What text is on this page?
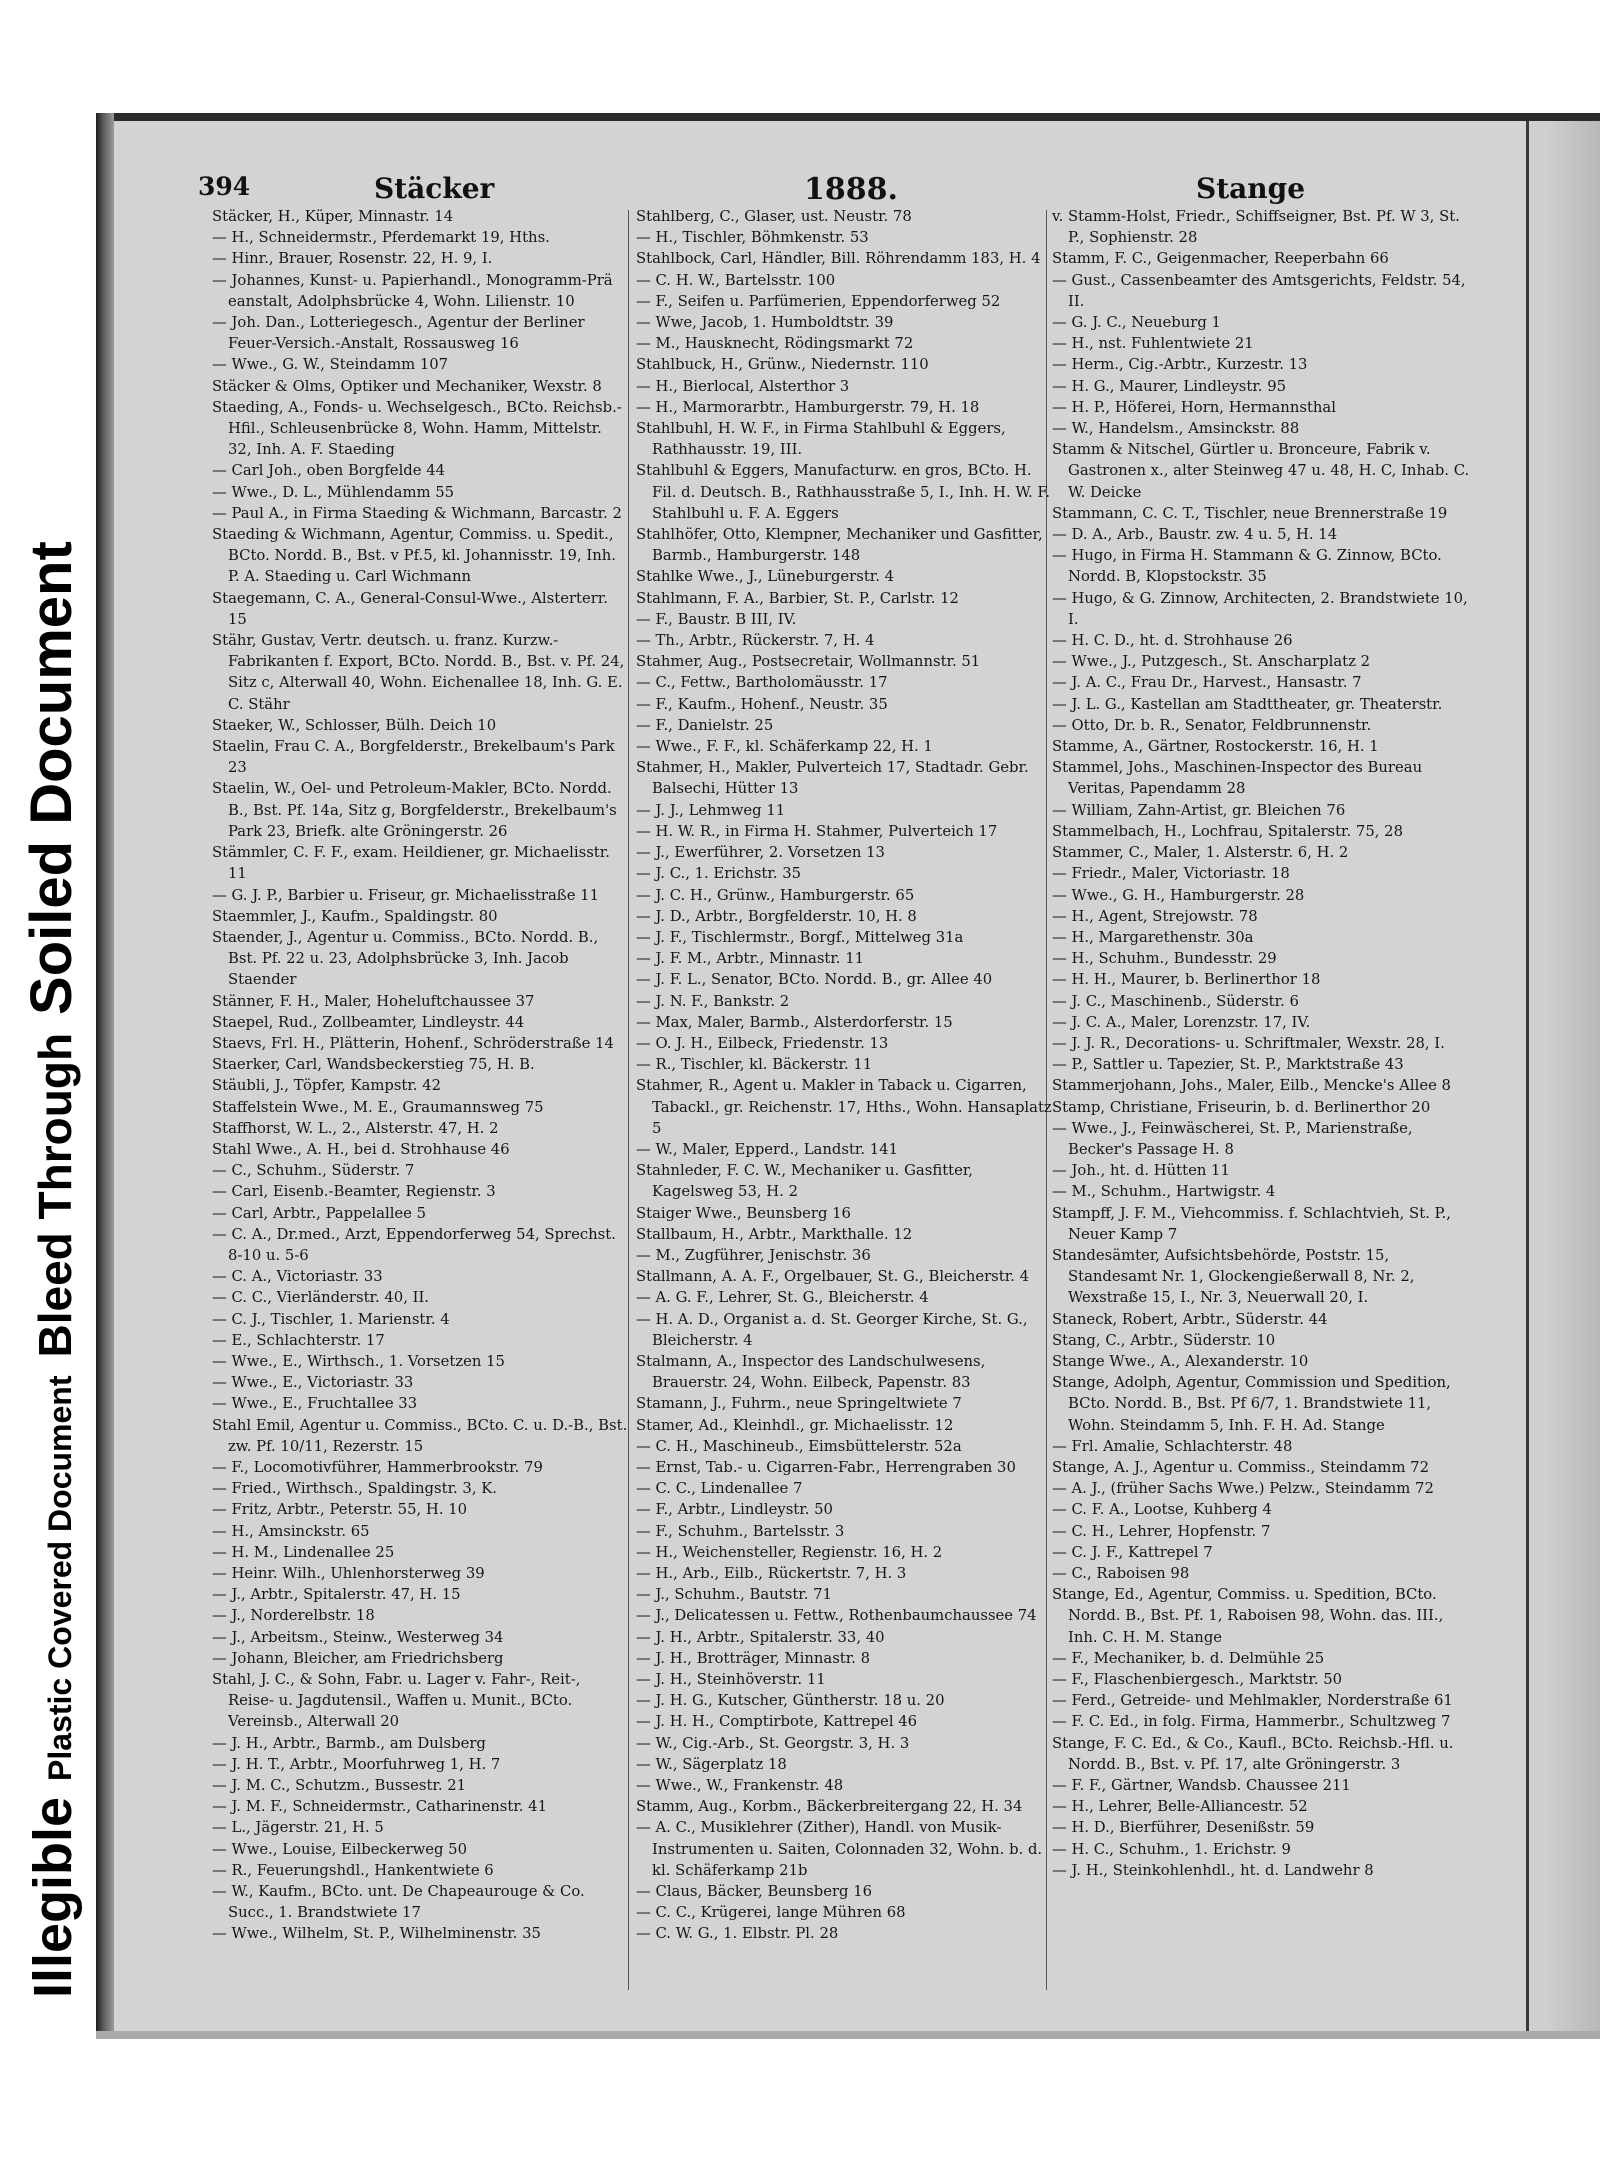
IllegiblePlastic Covered DocumentBleed ThroughSoiled Document
394	Stäcker	1888.	Stange

Stäcker, H., Küper, Minnastr. 14

— H., Schneidermstr., Pferdemarkt 19, Hths.

— Hinr., Brauer, Rosenstr. 22, H. 9, I.

— Johannes, Kunst- u. Papierhandl., Monogramm-Prä eanstalt, Adolphsbrücke 4, Wohn. Lilienstr. 10

— Joh. Dan., Lotteriegesch., Agentur der Berliner Feuer-Versich.-Anstalt, Rossausweg 16

— Wwe., G. W., Steindamm 107

Stäcker & Olms, Optiker und Mechaniker, Wexstr. 8

Staeding, A., Fonds- u. Wechselgesch., BCto. Reichsb.-Hfil., Schleusenbrücke 8, Wohn. Hamm, Mittelstr. 32, Inh. A. F. Staeding

— Carl Joh., oben Borgfelde 44

— Wwe., D. L., Mühlendamm 55

— Paul A., in Firma Staeding & Wichmann, Barcastr. 2

Staeding & Wichmann, Agentur, Commiss. u. Spedit., BCto. Nordd. B., Bst. v Pf.5, kl. Johannisstr. 19, Inh. P. A. Staeding u. Carl Wichmann

Staegemann, C. A., General-Consul-Wwe., Alsterterr. 15

Stähr, Gustav, Vertr. deutsch. u. franz. Kurzw.-Fabrikanten f. Export, BCto. Nordd. B., Bst. v. Pf. 24, Sitz c, Alterwall 40, Wohn. Eichenallee 18, Inh. G. E. C. Stähr

Staeker, W., Schlosser, Bülh. Deich 10

Staelin, Frau C. A., Borgfelderstr., Brekelbaum's Park 23

Staelin, W., Oel- und Petroleum-Makler, BCto. Nordd. B., Bst. Pf. 14a, Sitz g, Borgfelderstr., Brekelbaum's Park 23, Briefk. alte Gröningerstr. 26

Stämmler, C. F. F., exam. Heildiener, gr. Michaelisstr. 11

— G. J. P., Barbier u. Friseur, gr. Michaelisstraße 11

Staemmler, J., Kaufm., Spaldingstr. 80

Staender, J., Agentur u. Commiss., BCto. Nordd. B., Bst. Pf. 22 u. 23, Adolphsbrücke 3, Inh. Jacob Staender

Stänner, F. H., Maler, Hoheluftchaussee 37

Staepel, Rud., Zollbeamter, Lindleystr. 44

Staevs, Frl. H., Plätterin, Hohenf., Schröderstraße 14

Staerker, Carl, Wandsbeckerstieg 75, H. B.

Stäubli, J., Töpfer, Kampstr. 42

Staffelstein Wwe., M. E., Graumannsweg 75

Staffhorst, W. L., 2., Alsterstr. 47, H. 2

Stahl Wwe., A. H., bei d. Strohhause 46

— C., Schuhm., Süderstr. 7

— Carl, Eisenb.-Beamter, Regienstr. 3

— Carl, Arbtr., Pappelallee 5

— C. A., Dr.med., Arzt, Eppendorferweg 54, Sprechst. 8-10 u. 5-6

— C. A., Victoriastr. 33

— C. C., Vierländerstr. 40, II.

— C. J., Tischler, 1. Marienstr. 4

— E., Schlachterstr. 17

— Wwe., E., Wirthsch., 1. Vorsetzen 15

— Wwe., E., Victoriastr. 33

— Wwe., E., Fruchtallee 33

Stahl Emil, Agentur u. Commiss., BCto. C. u. D.-B., Bst. zw. Pf. 10/11, Rezerstr. 15

— F., Locomotivführer, Hammerbrookstr. 79

— Fried., Wirthsch., Spaldingstr. 3, K.

— Fritz, Arbtr., Peterstr. 55, H. 10

— H., Amsinckstr. 65

— H. M., Lindenallee 25

— Heinr. Wilh., Uhlenhorsterweg 39

— J., Arbtr., Spitalerstr. 47, H. 15

— J., Norderelbstr. 18

— J., Arbeitsm., Steinw., Westerweg 34

— Johann, Bleicher, am Friedrichsberg

Stahl, J. C., & Sohn, Fabr. u. Lager v. Fahr-, Reit-, Reise- u. Jagdutensil., Waffen u. Munit., BCto. Vereinsb., Alterwall 20

— J. H., Arbtr., Barmb., am Dulsberg

— J. H. T., Arbtr., Moorfuhrweg 1, H. 7

— J. M. C., Schutzm., Bussestr. 21

— J. M. F., Schneidermstr., Catharinenstr. 41

— L., Jägerstr. 21, H. 5

— Wwe., Louise, Eilbeckerweg 50

— R., Feuerungshdl., Hankentwiete 6

— W., Kaufm., BCto. unt. De Chapeaurouge & Co. Succ., 1. Brandstwiete 17

— Wwe., Wilhelm, St. P., Wilhelminenstr. 35

Stahlberg, C., Glaser, ust. Neustr. 78

— H., Tischler, Böhmkenstr. 53

Stahlbock, Carl, Händler, Bill. Röhrendamm 183, H. 4

— C. H. W., Bartelsstr. 100

— F., Seifen u. Parfümerien, Eppendorferweg 52

— Wwe, Jacob, 1. Humboldtstr. 39

— M., Hausknecht, Rödingsmarkt 72

Stahlbuck, H., Grünw., Niedernstr. 110

— H., Bierlocal, Alsterthor 3

— H., Marmorarbtr., Hamburgerstr. 79, H. 18

Stahlbuhl, H. W. F., in Firma Stahlbuhl & Eggers, Rathhausstr. 19, III.

Stahlbuhl & Eggers, Manufacturw. en gros, BCto. H. Fil. d. Deutsch. B., Rathhausstraße 5, I., Inh. H. W. F. Stahlbuhl u. F. A. Eggers

Stahlhöfer, Otto, Klempner, Mechaniker und Gasfitter, Barmb., Hamburgerstr. 148

Stahlke Wwe., J., Lüneburgerstr. 4

Stahlmann, F. A., Barbier, St. P., Carlstr. 12

— F., Baustr. B III, IV.

— Th., Arbtr., Rückerstr. 7, H. 4

Stahmer, Aug., Postsecretair, Wollmannstr. 51

— C., Fettw., Bartholomäusstr. 17

— F., Kaufm., Hohenf., Neustr. 35

— F., Danielstr. 25

— Wwe., F. F., kl. Schäferkamp 22, H. 1

Stahmer, H., Makler, Pulverteich 17, Stadtadr. Gebr. Balsechi, Hütter 13

— J. J., Lehmweg 11

— H. W. R., in Firma H. Stahmer, Pulverteich 17

— J., Ewerführer, 2. Vorsetzen 13

— J. C., 1. Erichstr. 35

— J. C. H., Grünw., Hamburgerstr. 65

— J. D., Arbtr., Borgfelderstr. 10, H. 8

— J. F., Tischlermstr., Borgf., Mittelweg 31a

— J. F. M., Arbtr., Minnastr. 11

— J. F. L., Senator, BCto. Nordd. B., gr. Allee 40

— J. N. F., Bankstr. 2

— Max, Maler, Barmb., Alsterdorferstr. 15

— O. J. H., Eilbeck, Friedenstr. 13

— R., Tischler, kl. Bäckerstr. 11

Stahmer, R., Agent u. Makler in Taback u. Cigarren, Tabackl., gr. Reichenstr. 17, Hths., Wohn. Hansaplatz 5

— W., Maler, Epperd., Landstr. 141

Stahnleder, F. C. W., Mechaniker u. Gasfitter, Kagelsweg 53, H. 2

Staiger Wwe., Beunsberg 16

Stallbaum, H., Arbtr., Markthalle. 12

— M., Zugführer, Jenischstr. 36

Stallmann, A. A. F., Orgelbauer, St. G., Bleicherstr. 4

— A. G. F., Lehrer, St. G., Bleicherstr. 4

— H. A. D., Organist a. d. St. Georger Kirche, St. G., Bleicherstr. 4

Stalmann, A., Inspector des Landschulwesens, Brauerstr. 24, Wohn. Eilbeck, Papenstr. 83

Stamann, J., Fuhrm., neue Springeltwiete 7

Stamer, Ad., Kleinhdl., gr. Michaelisstr. 12

— C. H., Maschineub., Eimsbüttelerstr. 52a

— Ernst, Tab.- u. Cigarren-Fabr., Herrengraben 30

— C. C., Lindenallee 7

— F., Arbtr., Lindleystr. 50

— F., Schuhm., Bartelsstr. 3

— H., Weichensteller, Regienstr. 16, H. 2

— H., Arb., Eilb., Rückertstr. 7, H. 3

— J., Schuhm., Bautstr. 71

— J., Delicatessen u. Fettw., Rothenbaumchaussee 74

— J. H., Arbtr., Spitalerstr. 33, 40

— J. H., Brotträger, Minnastr. 8

— J. H., Steinhöverstr. 11

— J. H. G., Kutscher, Güntherstr. 18 u. 20

— J. H. H., Comptirbote, Kattrepel 46

— W., Cig.-Arb., St. Georgstr. 3, H. 3

— W., Sägerplatz 18

— Wwe., W., Frankenstr. 48

Stamm, Aug., Korbm., Bäckerbreitergang 22, H. 34

— A. C., Musiklehrer (Zither), Handl. von Musik-Instrumenten u. Saiten, Colonnaden 32, Wohn. b. d. kl. Schäferkamp 21b

— Claus, Bäcker, Beunsberg 16

— C. C., Krügerei, lange Mühren 68

— C. W. G., 1. Elbstr. Pl. 28

v. Stamm-Holst, Friedr., Schiffseigner, Bst. Pf. W 3, St. P., Sophienstr. 28

Stamm, F. C., Geigenmacher, Reeperbahn 66

— Gust., Cassenbeamter des Amtsgerichts, Feldstr. 54, II.

— G. J. C., Neueburg 1

— H., nst. Fuhlentwiete 21

— Herm., Cig.-Arbtr., Kurzestr. 13

— H. G., Maurer, Lindleystr. 95

— H. P., Höferei, Horn, Hermannsthal

— W., Handelsm., Amsinckstr. 88

Stamm & Nitschel, Gürtler u. Bronceure, Fabrik v. Gastronen x., alter Steinweg 47 u. 48, H. C, Inhab. C. W. Deicke

Stammann, C. C. T., Tischler, neue Brennerstraße 19

— D. A., Arb., Baustr. zw. 4 u. 5, H. 14

— Hugo, in Firma H. Stammann & G. Zinnow, BCto. Nordd. B, Klopstockstr. 35

— Hugo, & G. Zinnow, Architecten, 2. Brandstwiete 10, I.

— H. C. D., ht. d. Strohhause 26

— Wwe., J., Putzgesch., St. Anscharplatz 2

— J. A. C., Frau Dr., Harvest., Hansastr. 7

— J. L. G., Kastellan am Stadttheater, gr. Theaterstr.

— Otto, Dr. b. R., Senator, Feldbrunnenstr.

Stamme, A., Gärtner, Rostockerstr. 16, H. 1

Stammel, Johs., Maschinen-Inspector des Bureau Veritas, Papendamm 28

— William, Zahn-Artist, gr. Bleichen 76

Stammelbach, H., Lochfrau, Spitalerstr. 75, 28

Stammer, C., Maler, 1. Alsterstr. 6, H. 2

— Friedr., Maler, Victoriastr. 18

— Wwe., G. H., Hamburgerstr. 28

— H., Agent, Strejowstr. 78

— H., Margarethenstr. 30a

— H., Schuhm., Bundesstr. 29

— H. H., Maurer, b. Berlinerthor 18

— J. C., Maschinenb., Süderstr. 6

— J. C. A., Maler, Lorenzstr. 17, IV.

— J. J. R., Decorations- u. Schriftmaler, Wexstr. 28, I.

— P., Sattler u. Tapezier, St. P., Marktstraße 43

Stammerjohann, Johs., Maler, Eilb., Mencke's Allee 8

Stamp, Christiane, Friseurin, b. d. Berlinerthor 20

— Wwe., J., Feinwäscherei, St. P., Marienstraße, Becker's Passage H. 8

— Joh., ht. d. Hütten 11

— M., Schuhm., Hartwigstr. 4

Stampff, J. F. M., Viehcommiss. f. Schlachtvieh, St. P., Neuer Kamp 7

Standesämter, Aufsichtsbehörde, Poststr. 15, Standesamt Nr. 1, Glockengießerwall 8, Nr. 2, Wexstraße 15, I., Nr. 3, Neuerwall 20, I.

Staneck, Robert, Arbtr., Süderstr. 44

Stang, C., Arbtr., Süderstr. 10

Stange Wwe., A., Alexanderstr. 10

Stange, Adolph, Agentur, Commission und Spedition, BCto. Nordd. B., Bst. Pf 6/7, 1. Brandstwiete 11, Wohn. Steindamm 5, Inh. F. H. Ad. Stange

— Frl. Amalie, Schlachterstr. 48

Stange, A. J., Agentur u. Commiss., Steindamm 72

— A. J., (früher Sachs Wwe.) Pelzw., Steindamm 72

— C. F. A., Lootse, Kuhberg 4

— C. H., Lehrer, Hopfenstr. 7

— C. J. F., Kattrepel 7

— C., Raboisen 98

Stange, Ed., Agentur, Commiss. u. Spedition, BCto. Nordd. B., Bst. Pf. 1, Raboisen 98, Wohn. das. III., Inh. C. H. M. Stange

— F., Mechaniker, b. d. Delmühle 25

— F., Flaschenbiergesch., Marktstr. 50

— Ferd., Getreide- und Mehlmakler, Norderstraße 61

— F. C. Ed., in folg. Firma, Hammerbr., Schultzweg 7

Stange, F. C. Ed., & Co., Kaufl., BCto. Reichsb.-Hfl. u. Nordd. B., Bst. v. Pf. 17, alte Gröningerstr. 3

— F. F., Gärtner, Wandsb. Chaussee 211

— H., Lehrer, Belle-Alliancestr. 52

— H. D., Bierführer, Desenißstr. 59

— H. C., Schuhm., 1. Erichstr. 9

— J. H., Steinkohlenhdl., ht. d. Landwehr 8
